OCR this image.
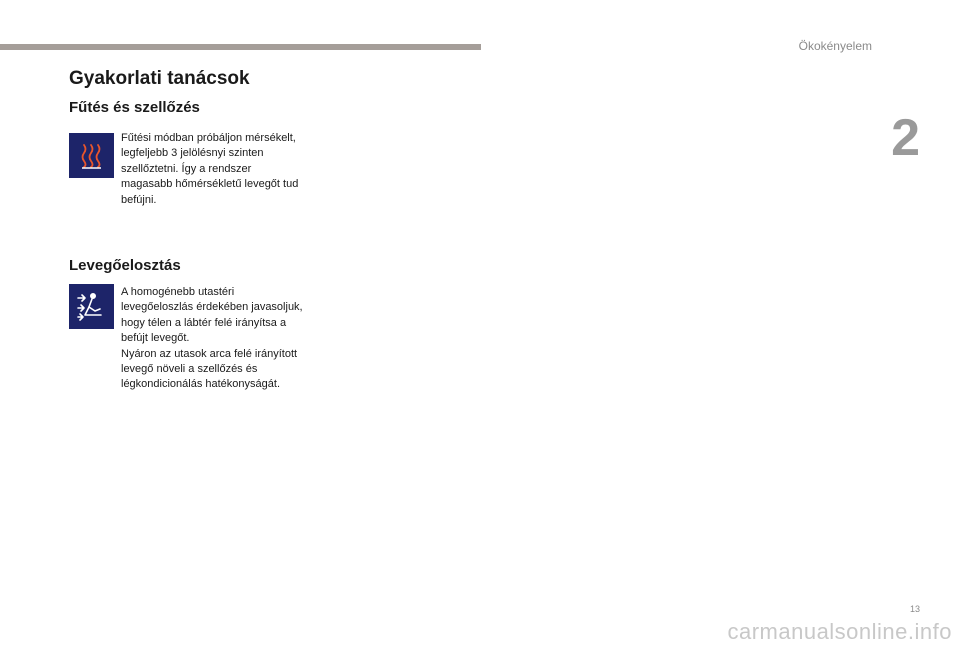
Ökokényelem
2
Gyakorlati tanácsok
Fűtés és szellőzés

Fűtési módban próbáljon mérsékelt,
legfeljebb 3 jelölésnyi szinten
szellőztetni. Így a rendszer
magasabb hőmérsékletű levegőt tud
befújni.

Levegőelosztás

A homogénebb utastéri
levegőeloszlás érdekében javasoljuk,
hogy télen a lábtér felé irányítsa a
befújt levegőt.
Nyáron az utasok arca felé irányított
levegő növeli a szellőzés és
légkondicionálás hatékonyságát.

13
carmanualsonline.info
